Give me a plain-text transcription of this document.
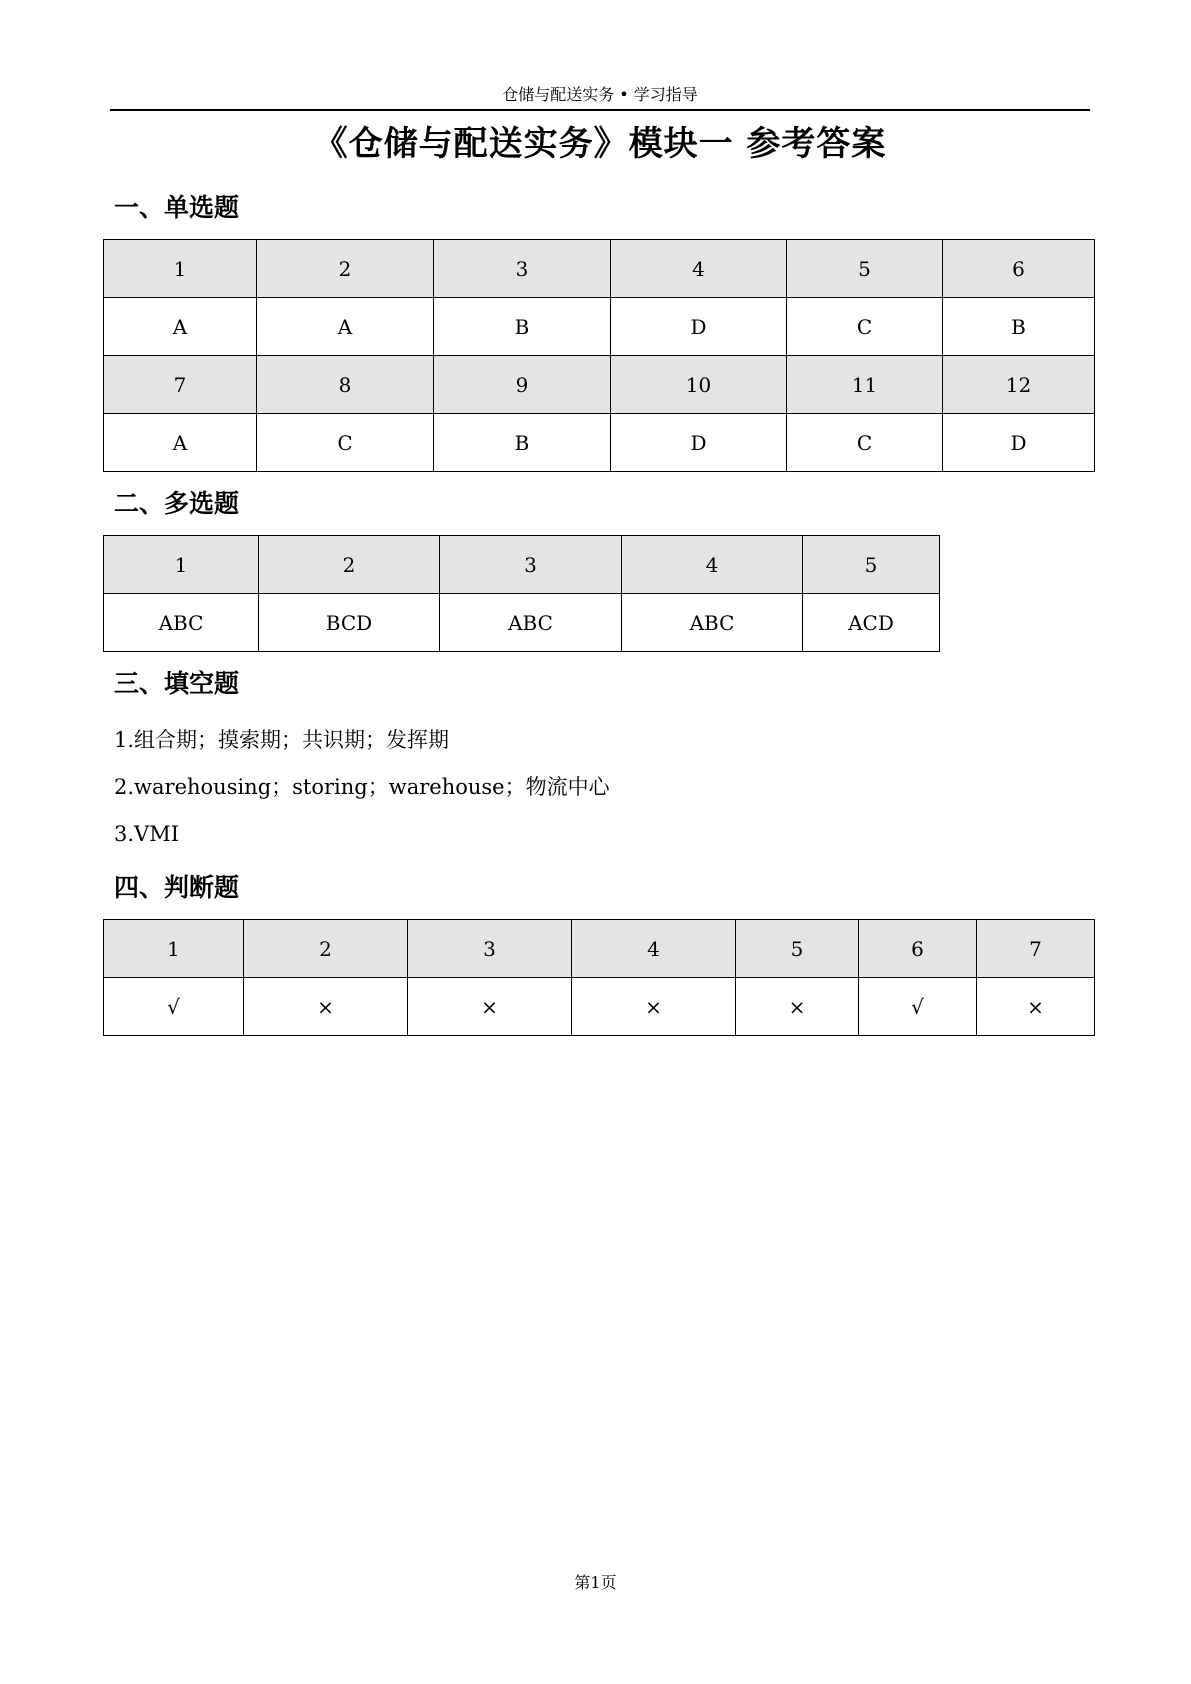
仓储与配送实务 • 学习指导
《仓储与配送实务》模块一 参考答案
一、单选题
1	2	3	4	5	6
A	A	B	D	C	B
7	8	9	10	11	12
A	C	B	D	C	D
二、多选题
1	2	3	4	5
ABC	BCD	ABC	ABC	ACD
三、填空题
1.组合期；摸索期；共识期；发挥期
2.warehousing；storing；warehouse；物流中心
3.VMI
四、判断题
1	2	3	4	5	6	7
√	×	×	×	×	√	×
第1页
